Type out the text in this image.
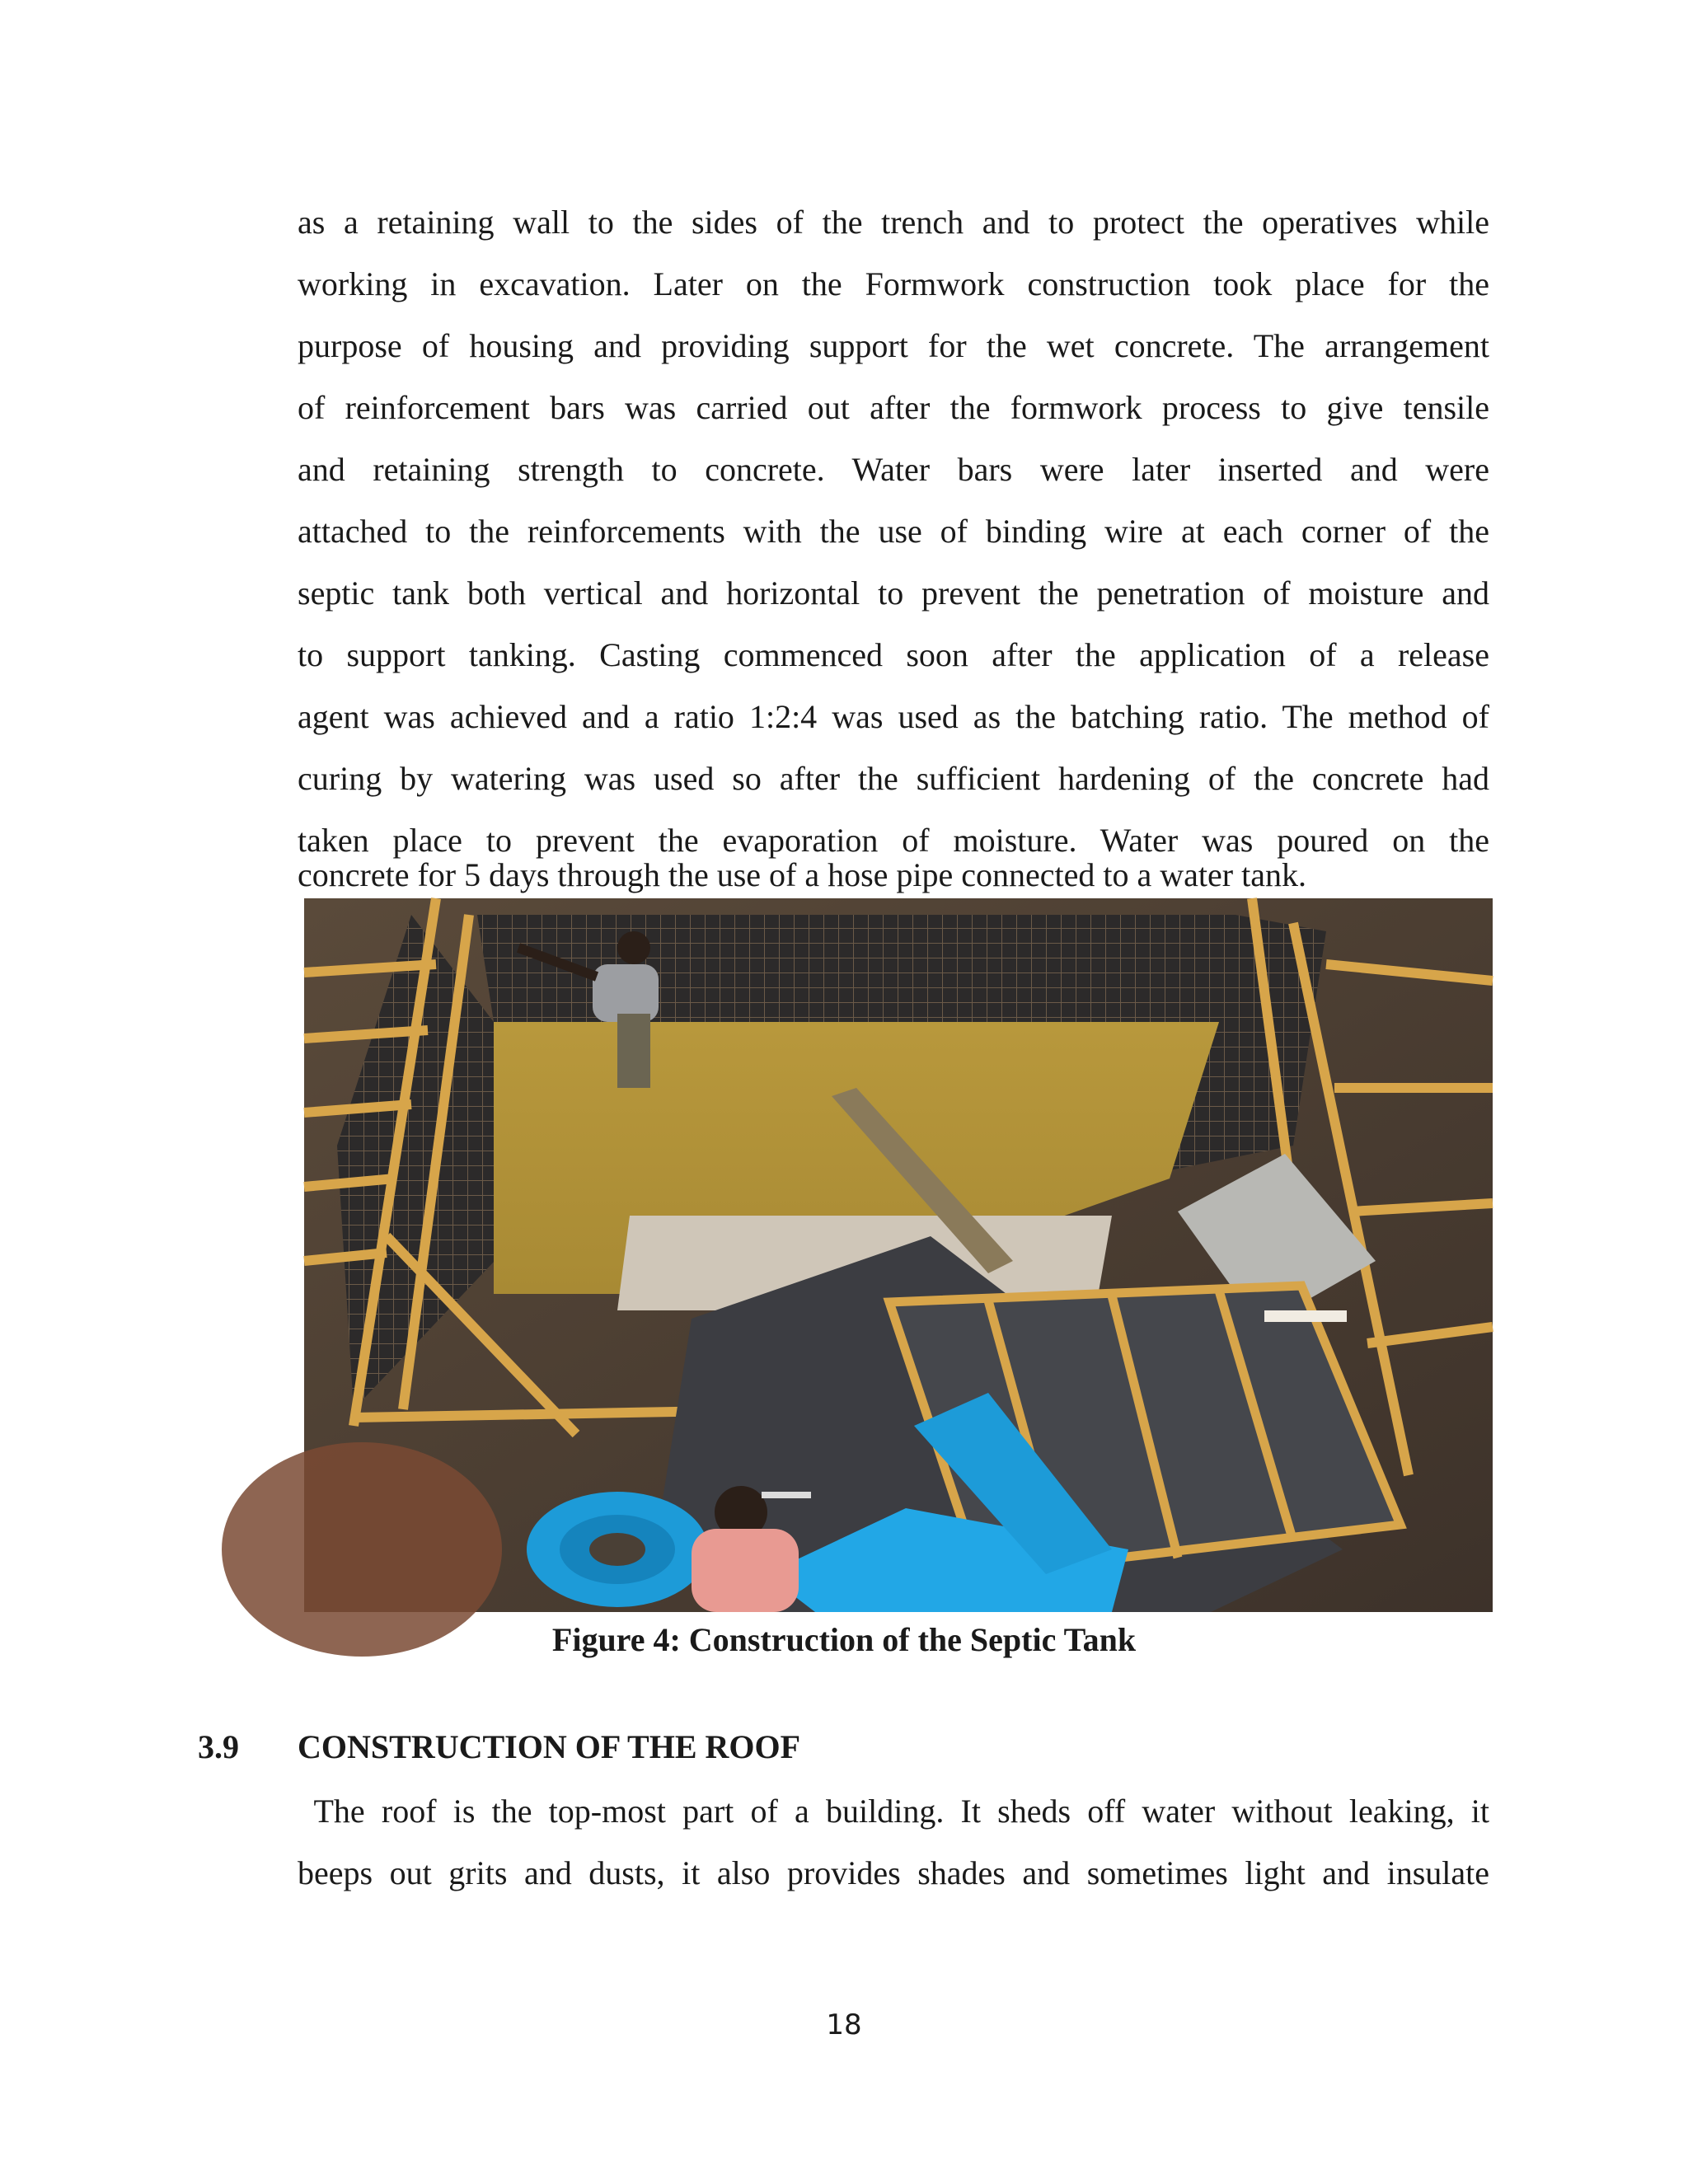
as a retaining wall to the sides of the trench and to protect the operatives while
working in excavation. Later on the Formwork construction took place for the
purpose of housing and providing support for the wet concrete. The arrangement
of reinforcement bars was carried out after the formwork process to give tensile
and retaining strength to concrete. Water bars were later inserted and were
attached to the reinforcements with the use of binding wire at each corner of the
septic tank both vertical and horizontal to prevent the penetration of moisture and
to support tanking. Casting commenced soon after the application of a release
agent was achieved and a ratio 1:2:4 was used as the batching ratio. The method of
curing by watering was used so after the sufficient hardening of the concrete had
taken place to prevent the evaporation of moisture. Water was poured on the
concrete for 5 days through the use of a hose pipe connected to a water tank.
Figure 4: Construction of the Septic Tank
3.9 CONSTRUCTION OF THE ROOF
The roof is the top-most part of a building. It sheds off water without leaking, it
beeps out grits and dusts, it also provides shades and sometimes light and insulate
18
